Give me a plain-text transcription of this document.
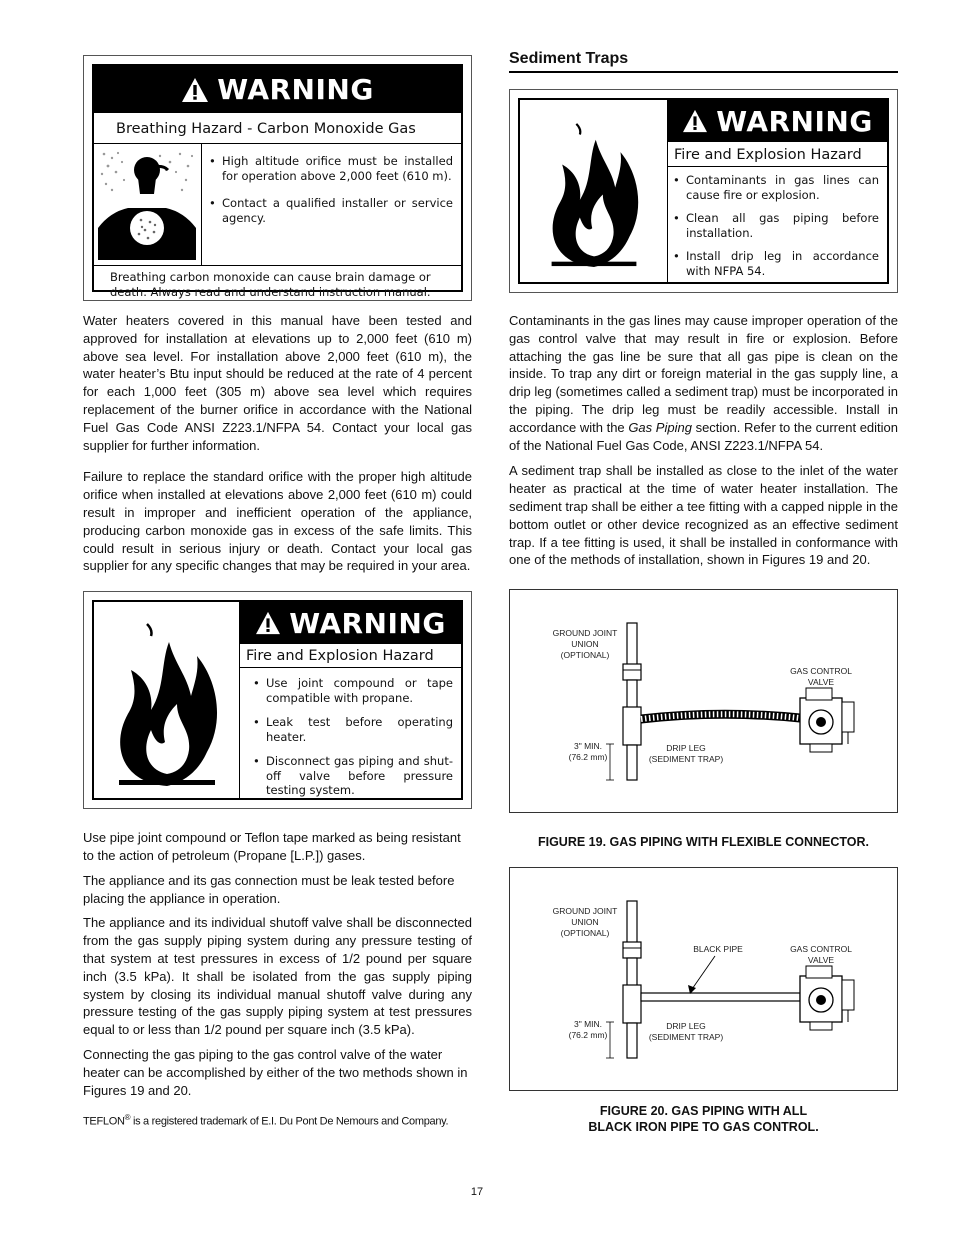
WARNING
Breathing Hazard - Carbon Monoxide Gas
• High altitude orifice must be installed for operation above 2,000 feet (610 m).
• Contact a qualified installer or service agency.
Breathing carbon monoxide can cause brain damage or death. Always read and understand instruction manual.

Water heaters covered in this manual have been tested and approved for installation at elevations up to 2,000 feet (610 m) above sea level. For installation above 2,000 feet (610 m), the water heater’s Btu input should be reduced at the rate of 4 percent for each 1,000 feet (305 m) above sea level which requires replacement of the burner orifice in accordance with the National Fuel Gas Code ANSI Z223.1/NFPA 54. Contact your local gas supplier for further information.

Failure to replace the standard orifice with the proper high altitude orifice when installed at elevations above 2,000 feet (610 m) could result in improper and inefficient operation of the appliance, producing carbon monoxide gas in excess of the safe limits. This could result in serious injury or death. Contact your local gas supplier for any specific changes that may be required in your area.

WARNING
Fire and Explosion Hazard
• Use joint compound or tape compatible with propane.
• Leak test before operating heater.
• Disconnect gas piping and shut-off valve before pressure testing system.

Use pipe joint compound or Teflon tape marked as being resistant to the action of petroleum (Propane [L.P.]) gases.

The appliance and its gas connection must be leak tested before placing the appliance in operation.

The appliance and its individual shutoff valve shall be disconnected from the gas supply piping system during any pressure testing of that system at test pressures in excess of 1/2 pound per square inch (3.5 kPa). It shall be isolated from the gas supply piping system by closing its individual manual shutoff valve during any pressure testing of the gas supply piping system at test pressures equal to or less than 1/2 pound per square inch (3.5 kPa).

Connecting the gas piping to the gas control valve of the water heater can be accomplished by either of the two methods shown in Figures 19 and 20.

TEFLON® is a registered trademark of E.I. Du Pont De Nemours and Company.

Sediment Traps
WARNING
Fire and Explosion Hazard
• Contaminants in gas lines can cause fire or explosion.
• Clean all gas piping before installation.
• Install drip leg in accordance with NFPA 54.

Contaminants in the gas lines may cause improper operation of the gas control valve that may result in fire or explosion. Before attaching the gas line be sure that all gas pipe is clean on the inside. To trap any dirt or foreign material in the gas supply line, a drip leg (sometimes called a sediment trap) must be incorporated in the piping. The drip leg must be readily accessible. Install in accordance with the Gas Piping section. Refer to the current edition of the National Fuel Gas Code, ANSI Z223.1/NFPA 54.

A sediment trap shall be installed as close to the inlet of the water heater as practical at the time of water heater installation. The sediment trap shall be either a tee fitting with a capped nipple in the bottom outlet or other device recognized as an effective sediment trap. If a tee fitting is used, it shall be installed in conformance with one of the methods of installation, shown in Figures 19 and 20.

GROUND JOINT
UNION
(OPTIONAL)
GAS CONTROL
VALVE
3" MIN.
(76.2 mm)
DRIP LEG
(SEDIMENT TRAP)
FIGURE 19. GAS PIPING WITH FLEXIBLE CONNECTOR.
GROUND JOINT
UNION
(OPTIONAL)
BLACK PIPE	GAS CONTROL
VALVE
3" MIN.
(76.2 mm)
DRIP LEG
(SEDIMENT TRAP)
FIGURE 20. GAS PIPING WITH ALL
BLACK IRON PIPE TO GAS CONTROL.
17
